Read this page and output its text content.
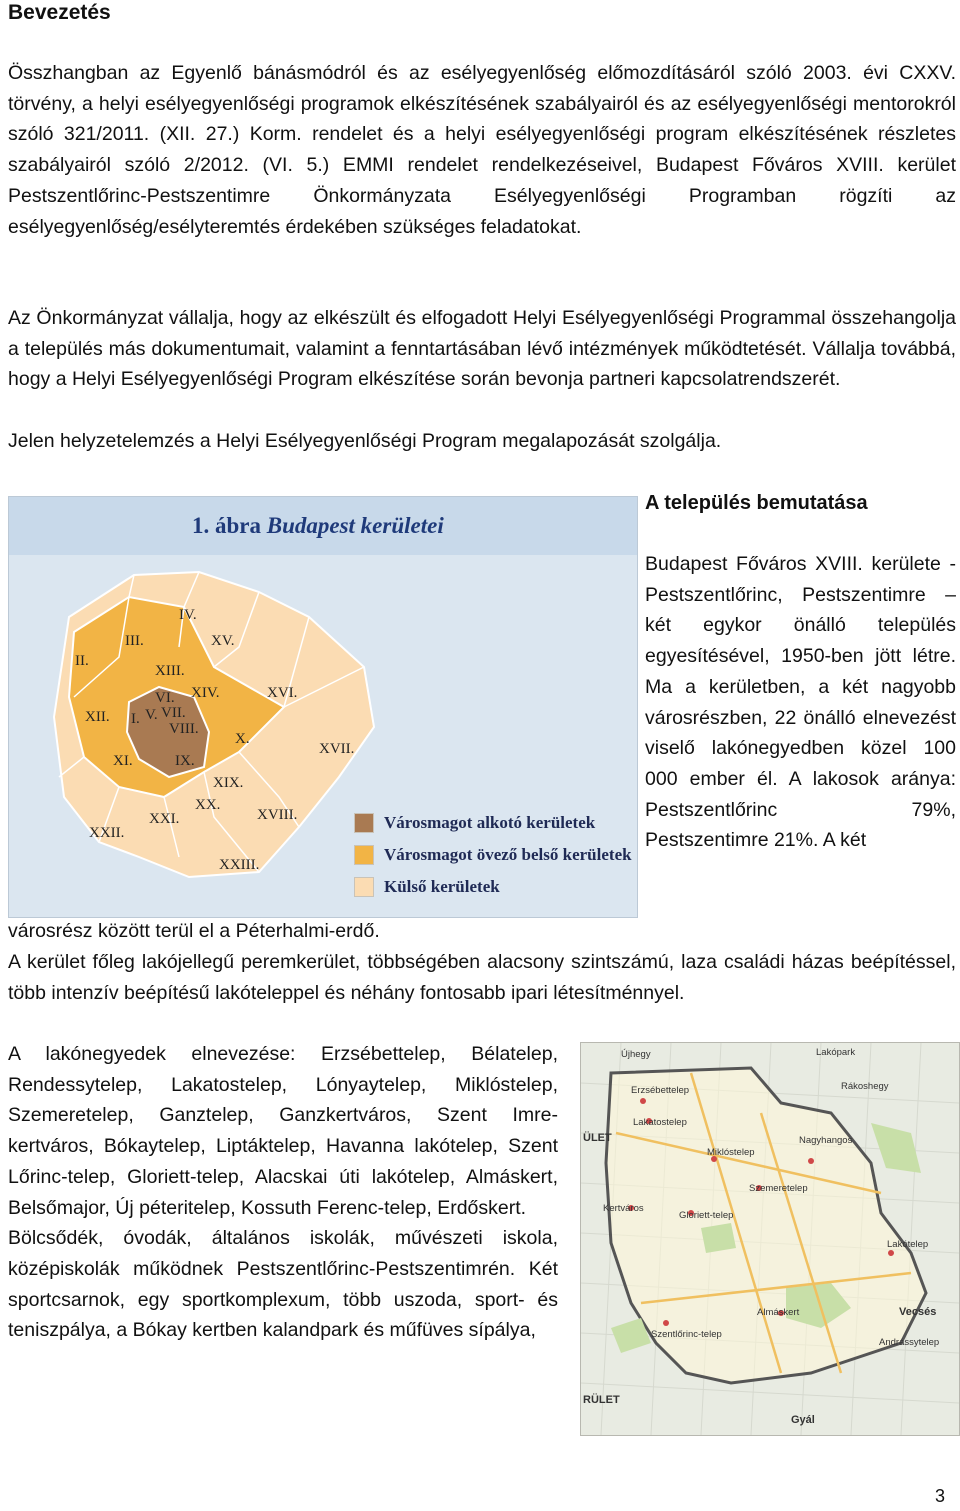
Bevezetés

Összhangban az Egyenlő bánásmódról és az esélyegyenlőség előmozdításáról szóló 2003. évi CXXV. törvény, a helyi esélyegyenlőségi programok elkészítésének szabályairól és az esélyegyenlőségi mentorokról szóló 321/2011. (XII. 27.) Korm. rendelet és a helyi esélyegyenlőségi program elkészítésének részletes szabályairól szóló 2/2012. (VI. 5.) EMMI rendelet rendelkezéseivel, Budapest Főváros XVIII. kerület Pestszentlőrinc-Pestszentimre Önkormányzata Esélyegyenlőségi Programban rögzíti az esélyegyenlőség/esélyteremtés érdekében szükséges feladatokat.

Az Önkormányzat vállalja, hogy az elkészült és elfogadott Helyi Esélyegyenlőségi Programmal összehangolja a település más dokumentumait, valamint a fenntartásában lévő intézmények működtetését. Vállalja továbbá, hogy a Helyi Esélyegyenlőségi Program elkészítése során bevonja partneri kapcsolatrendszerét.

Jelen helyzetelemzés a Helyi Esélyegyenlőségi Program megalapozását szolgálja.

1. ábra Budapest kerületei
II.
III.
IV.
XV.
XIII.
XIV.	XVI.
XII.
VI.
I. V. VII.
VIII.
X.
XVII.
XI.	IX.
XIX.
XX.
XVIII.
XXI.
XXII.
XXIII.
Városmagot alkotó kerületek
Városmagot övező belső kerületek
Külső kerületek
A település bemutatása

Budapest Főváros XVIII. kerülete - Pestszentlőrinc, Pestszentimre – két egykor önálló település egyesítésével, 1950-ben jött létre. Ma a kerületben, a két nagyobb városrészben, 22 önálló elnevezést viselő lakónegyedben közel 100 000 ember él. A lakosok aránya: Pestszentlőrinc 79%, Pestszentimre 21%. A két

városrész között terül el a Péterhalmi-erdő.

A kerület főleg lakójellegű peremkerület, többségében alacsony szintszámú, laza családi házas beépítéssel, több intenzív beépítésű lakóteleppel és néhány fontosabb ipari létesítménnyel.

A lakónegyedek elnevezése: Erzsébettelep, Bélatelep, Rendessytelep, Lakatostelep, Lónyaytelep, Miklóstelep, Szemeretelep, Ganztelep, Ganzkertváros, Szent Imre-kertváros, Bókaytelep, Liptáktelep, Havanna lakótelep, Szent Lőrinc-telep, Gloriett-telep, Alacskai úti lakótelep, Almáskert, Belsőmajor, Új péteritelep, Kossuth Ferenc-telep, Erdőskert.

Bölcsődék, óvodák, általános iskolák, művészeti iskola, középiskolák működnek Pestszentlőrinc-Pestszentimrén. Két sportcsarnok, egy sportkomplexum, több uszoda, sport- és teniszpálya, a Bókay kertben kalandpark és műfüves sípálya,

Újhegy	Lakópark
Rákoshegy
Erzsébettelep
Lakatostelep
ÜLET
Miklóstelep
Nagyhangos
Szemeretelep
Kertváros
Gloriett-telep
Lakótelep
Almáskert	Vecsés
Szentlőrinc-telep
Andrássytelep
RÜLET
Gyál
3
